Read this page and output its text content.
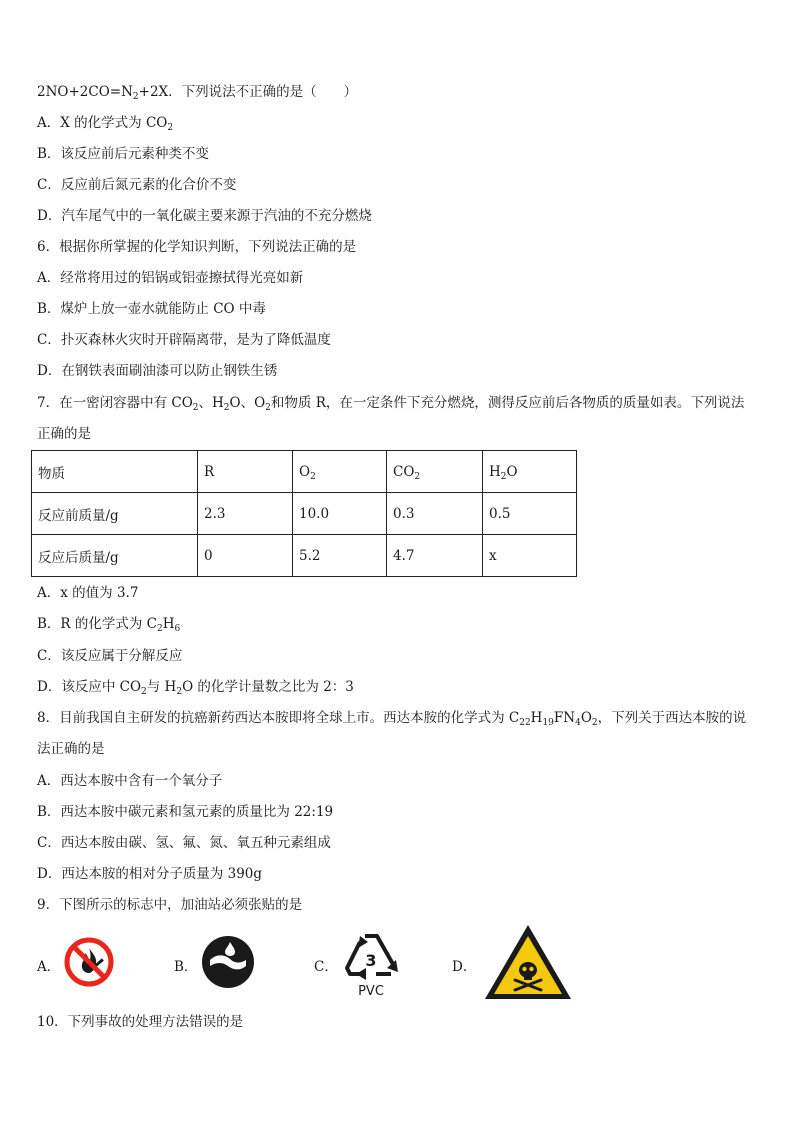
$2NO+2CO=N_2+2X$．下列说法不正确的是（　　）
A．X 的化学式为 $CO_2$
B．该反应前后元素种类不变
C．反应前后氮元素的化合价不变
D．汽车尾气中的一氧化碳主要来源于汽油的不充分燃烧
6．根据你所掌握的化学知识判断，下列说法正确的是
A．经常将用过的铝锅或铝壶擦拭得光亮如新
B．煤炉上放一壶水就能防止 CO 中毒
C．扑灭森林火灾时开辟隔离带，是为了降低温度
D．在钢铁表面刷油漆可以防止钢铁生锈
7．在一密闭容器中有 $CO_2$、$H_2O$、$O_2$和物质 R，在一定条件下充分燃烧，测得反应前后各物质的质量如表。下列说法
正确的是
物质	R	$O_2$	$CO_2$	$H_2O$
反应前质量/g	2.3	10.0	0.3	0.5
反应后质量/g	0	5.2	4.7	x
A．x 的值为 3.7
B．R 的化学式为 $C_2H_6$
C．该反应属于分解反应
D．该反应中 $CO_2$与 $H_2O$ 的化学计量数之比为 2：3
8．目前我国自主研发的抗癌新药西达本胺即将全球上市。西达本胺的化学式为 $C_{22}H_{19}FN_4O_2$，下列关于西达本胺的说
法正确的是
A．西达本胺中含有一个氧分子
B．西达本胺中碳元素和氢元素的质量比为 22:19
C．西达本胺由碳、氢、氟、氮、氧五种元素组成
D．西达本胺的相对分子质量为 390g
9．下图所示的标志中，加油站必须张贴的是
A．	B．	C． 3
PVC
D．
10．下列事故的处理方法错误的是
